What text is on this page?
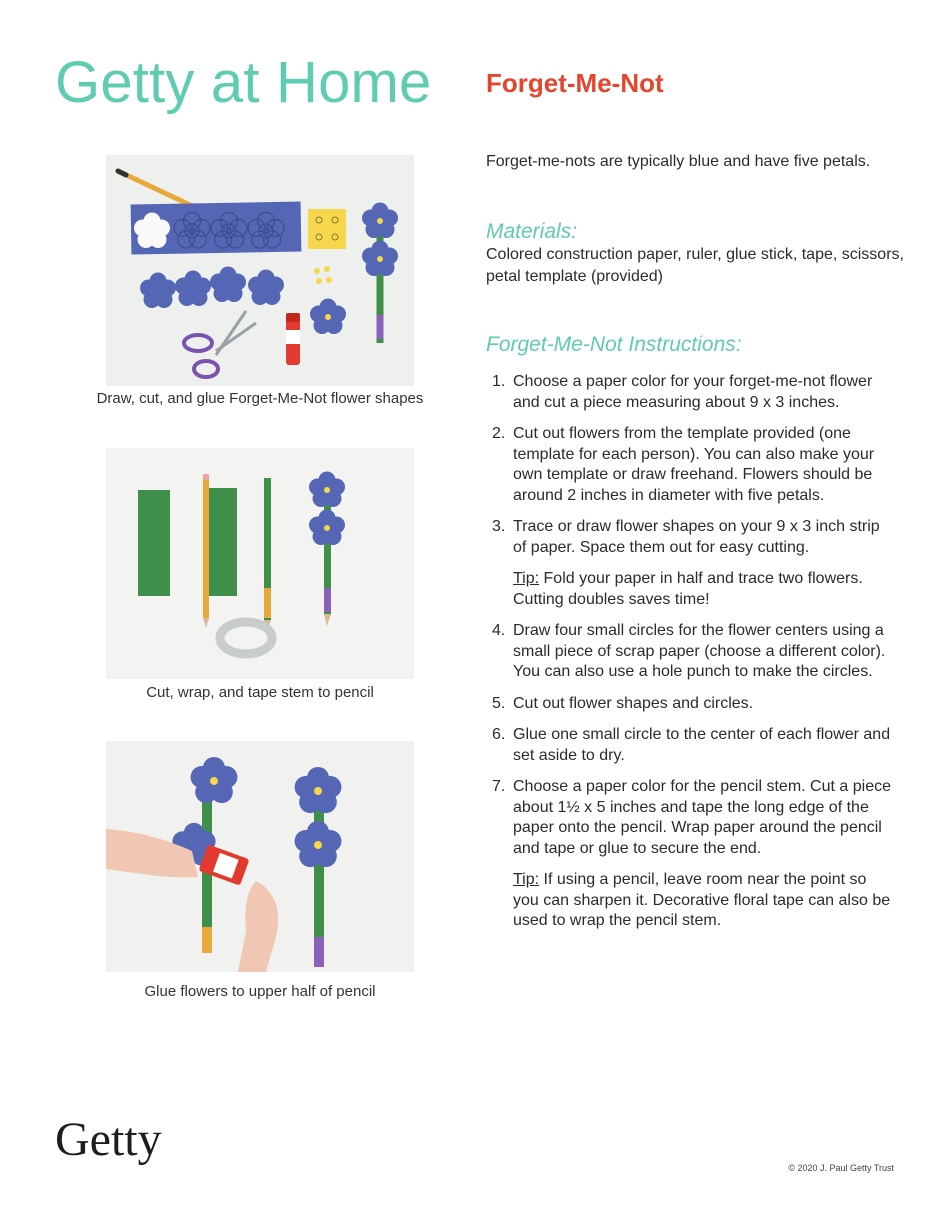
Getty at Home Forget-Me-Not
Draw, cut, and glue Forget-Me-Not flower shapes
Cut, wrap, and tape stem to pencil
Glue flowers to upper half of pencil

Forget-me-nots are typically blue and have five petals.

Materials:

Colored construction paper, ruler, glue stick, tape, scissors, petal template (provided)

Forget-Me-Not Instructions:
1. Choose a paper color for your forget-me-not flower and cut a piece measuring about 9 x 3 inches.
2. Cut out flowers from the template provided (one template for each person). You can also make your own template or draw freehand. Flowers should be around 2 inches in diameter with five petals.
3. Trace or draw flower shapes on your 9 x 3 inch strip of paper. Space them out for easy cutting.
Tip: Fold your paper in half and trace two flowers. Cutting doubles saves time!
4. Draw four small circles for the flower centers using a small piece of scrap paper (choose a different color). You can also use a hole punch to make the circles.
5. Cut out flower shapes and circles.
6. Glue one small circle to the center of each flower and set aside to dry.
7. Choose a paper color for the pencil stem. Cut a piece about 1½ x 5 inches and tape the long edge of the paper onto the pencil. Wrap paper around the pencil and tape or glue to secure the end.
Tip: If using a pencil, leave room near the point so you can sharpen it. Decorative floral tape can also be used to wrap the pencil stem.
Getty
© 2020 J. Paul Getty Trust
